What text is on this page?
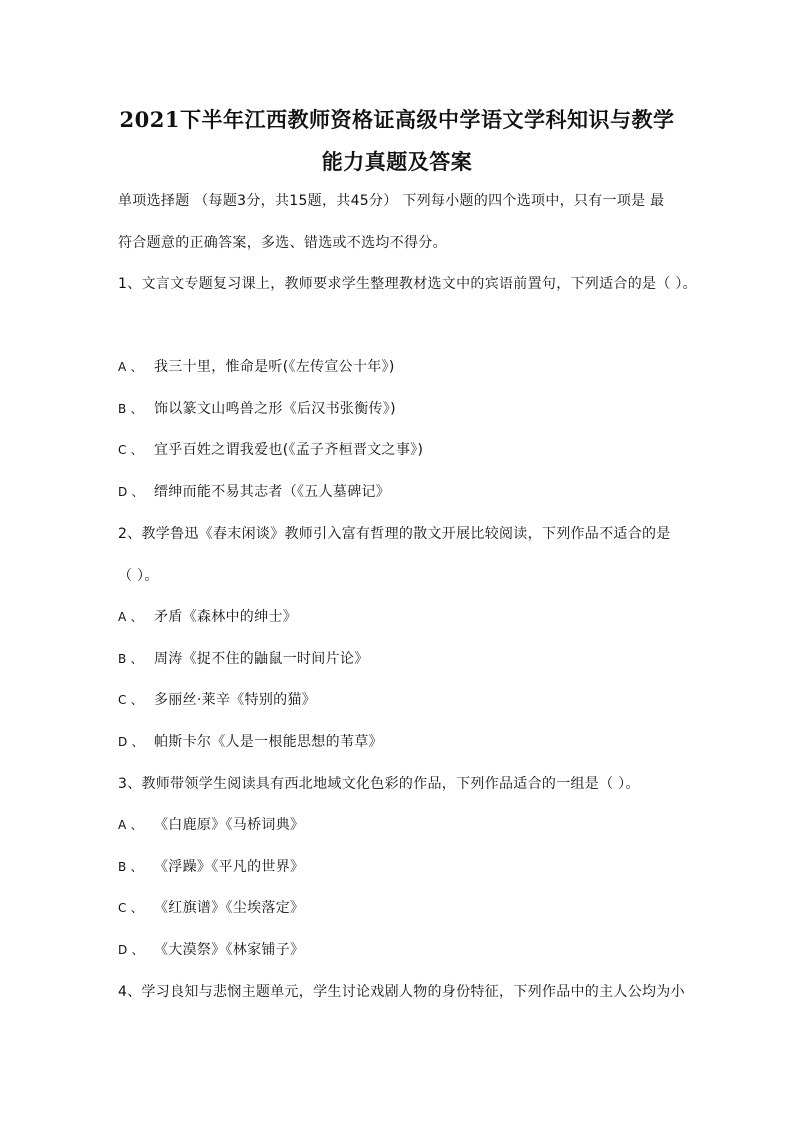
2021下半年江西教师资格证高级中学语文学科知识与教学
能力真题及答案
单项选择题 （每题3分，共15题，共45分） 下列每小题的四个选项中，只有一项是 最
符合题意的正确答案，多选、错选或不选均不得分。
1、文言文专题复习课上，教师要求学生整理教材选文中的宾语前置句，下列适合的是（ ）。
A 、 我三十里，惟命是听(《左传宣公十年》)
B 、 饰以篆文山鸣兽之形《后汉书张衡传》)
C 、 宜乎百姓之谓我爱也(《孟子齐桓晋文之事》)
D 、 缙绅而能不易其志者（《五人墓碑记》
2、教学鲁迅《春末闲谈》教师引入富有哲理的散文开展比较阅读，下列作品不适合的是
（ ）。
A 、 矛盾《森林中的绅士》
B 、 周涛《捉不住的鼬鼠一时间片论》
C 、 多丽丝·莱辛《特别的猫》
D 、 帕斯卡尔《人是一根能思想的苇草》
3、教师带领学生阅读具有西北地域文化色彩的作品，下列作品适合的一组是（ ）。
A 、 《白鹿原》《马桥词典》
B 、 《浮躁》《平凡的世界》
C 、 《红旗谱》《尘埃落定》
D 、 《大漠祭》《林家铺子》
4、学习良知与悲悯主题单元，学生讨论戏剧人物的身份特征，下列作品中的主人公均为小
